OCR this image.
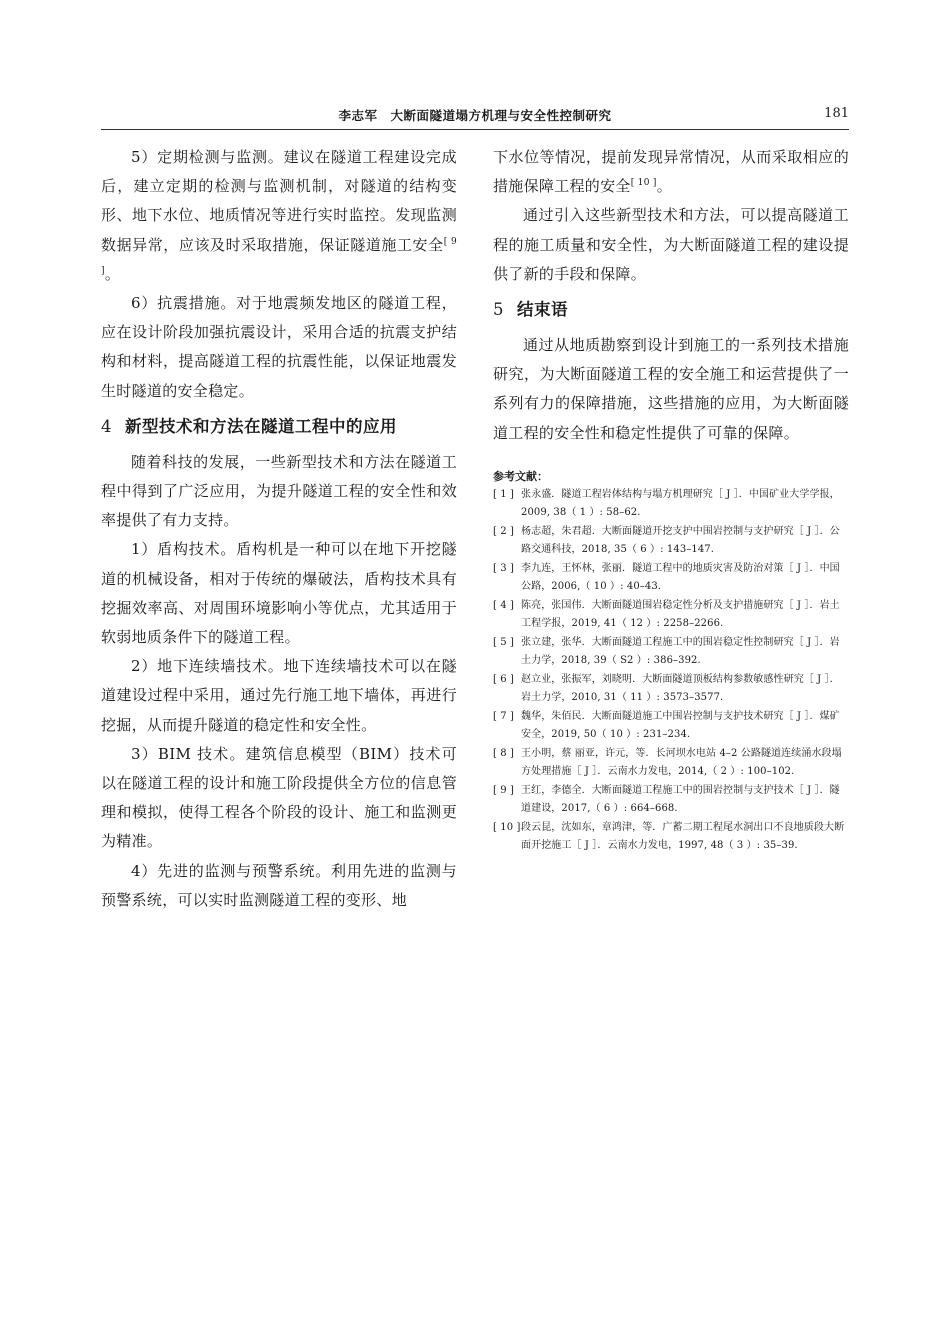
李志军　大断面隧道塌方机理与安全性控制研究	181

5）定期检测与监测。建议在隧道工程建设完成后，建立定期的检测与监测机制，对隧道的结构变形、地下水位、地质情况等进行实时监控。发现监测数据异常，应该及时采取措施，保证隧道施工安全[ 9 ]。

6）抗震措施。对于地震频发地区的隧道工程，应在设计阶段加强抗震设计，采用合适的抗震支护结构和材料，提高隧道工程的抗震性能，以保证地震发生时隧道的安全稳定。

4 新型技术和方法在隧道工程中的应用

随着科技的发展，一些新型技术和方法在隧道工程中得到了广泛应用，为提升隧道工程的安全性和效率提供了有力支持。

1）盾构技术。盾构机是一种可以在地下开挖隧道的机械设备，相对于传统的爆破法，盾构技术具有挖掘效率高、对周围环境影响小等优点，尤其适用于软弱地质条件下的隧道工程。

2）地下连续墙技术。地下连续墙技术可以在隧道建设过程中采用，通过先行施工地下墙体，再进行挖掘，从而提升隧道的稳定性和安全性。

3）BIM 技术。建筑信息模型（BIM）技术可以在隧道工程的设计和施工阶段提供全方位的信息管理和模拟，使得工程各个阶段的设计、施工和监测更为精准。

4）先进的监测与预警系统。利用先进的监测与预警系统，可以实时监测隧道工程的变形、地

下水位等情况，提前发现异常情况，从而采取相应的措施保障工程的安全[ 10 ]。

通过引入这些新型技术和方法，可以提高隧道工程的施工质量和安全性，为大断面隧道工程的建设提供了新的手段和保障。

5 结束语

通过从地质勘察到设计到施工的一系列技术措施研究，为大断面隧道工程的安全施工和运营提供了一系列有力的保障措施，这些措施的应用，为大断面隧道工程的安全性和稳定性提供了可靠的保障。

参考文献：
[ 1 ] 张永盛．隧道工程岩体结构与塌方机理研究［ J ］．中国矿业大学学报，2009, 38（ 1 ）: 58–62.
[ 2 ] 杨志超，朱君超．大断面隧道开挖支护中围岩控制与支护研究［ J ］．公路交通科技，2018, 35（ 6 ）: 143–147.
[ 3 ] 李九连，王怀林，张丽．隧道工程中的地质灾害及防治对策［ J ］．中国公路，2006,（ 10 ）: 40–43.
[ 4 ] 陈亮，张国伟．大断面隧道围岩稳定性分析及支护措施研究［ J ］．岩土工程学报，2019, 41（ 12 ）: 2258–2266.
[ 5 ] 张立建，张华．大断面隧道工程施工中的围岩稳定性控制研究［ J ］．岩土力学，2018, 39（ S2 ）: 386–392.
[ 6 ] 赵立业，张振军，刘晓明．大断面隧道顶板结构参数敏感性研究［ J ］．岩土力学，2010, 31（ 11 ）: 3573–3577.
[ 7 ] 魏华，朱佰民．大断面隧道施工中围岩控制与支护技术研究［ J ］．煤矿安全，2019, 50（ 10 ）: 231–234.
[ 8 ] 王小明，蔡 丽亚，许元，等．长河坝水电站 4–2 公路隧道连续涌水段塌方处理措施［ J ］．云南水力发电，2014,（ 2 ）: 100–102.
[ 9 ] 王红，李德全．大断面隧道工程施工中的围岩控制与支护技术［ J ］．隧道建设，2017,（ 6 ）: 664–668.
[ 10 ] 段云昆，沈如东，章鸿津，等．广蓄二期工程尾水洞出口不良地质段大断面开挖施工［ J ］．云南水力发电，1997, 48（ 3 ）: 35–39.
